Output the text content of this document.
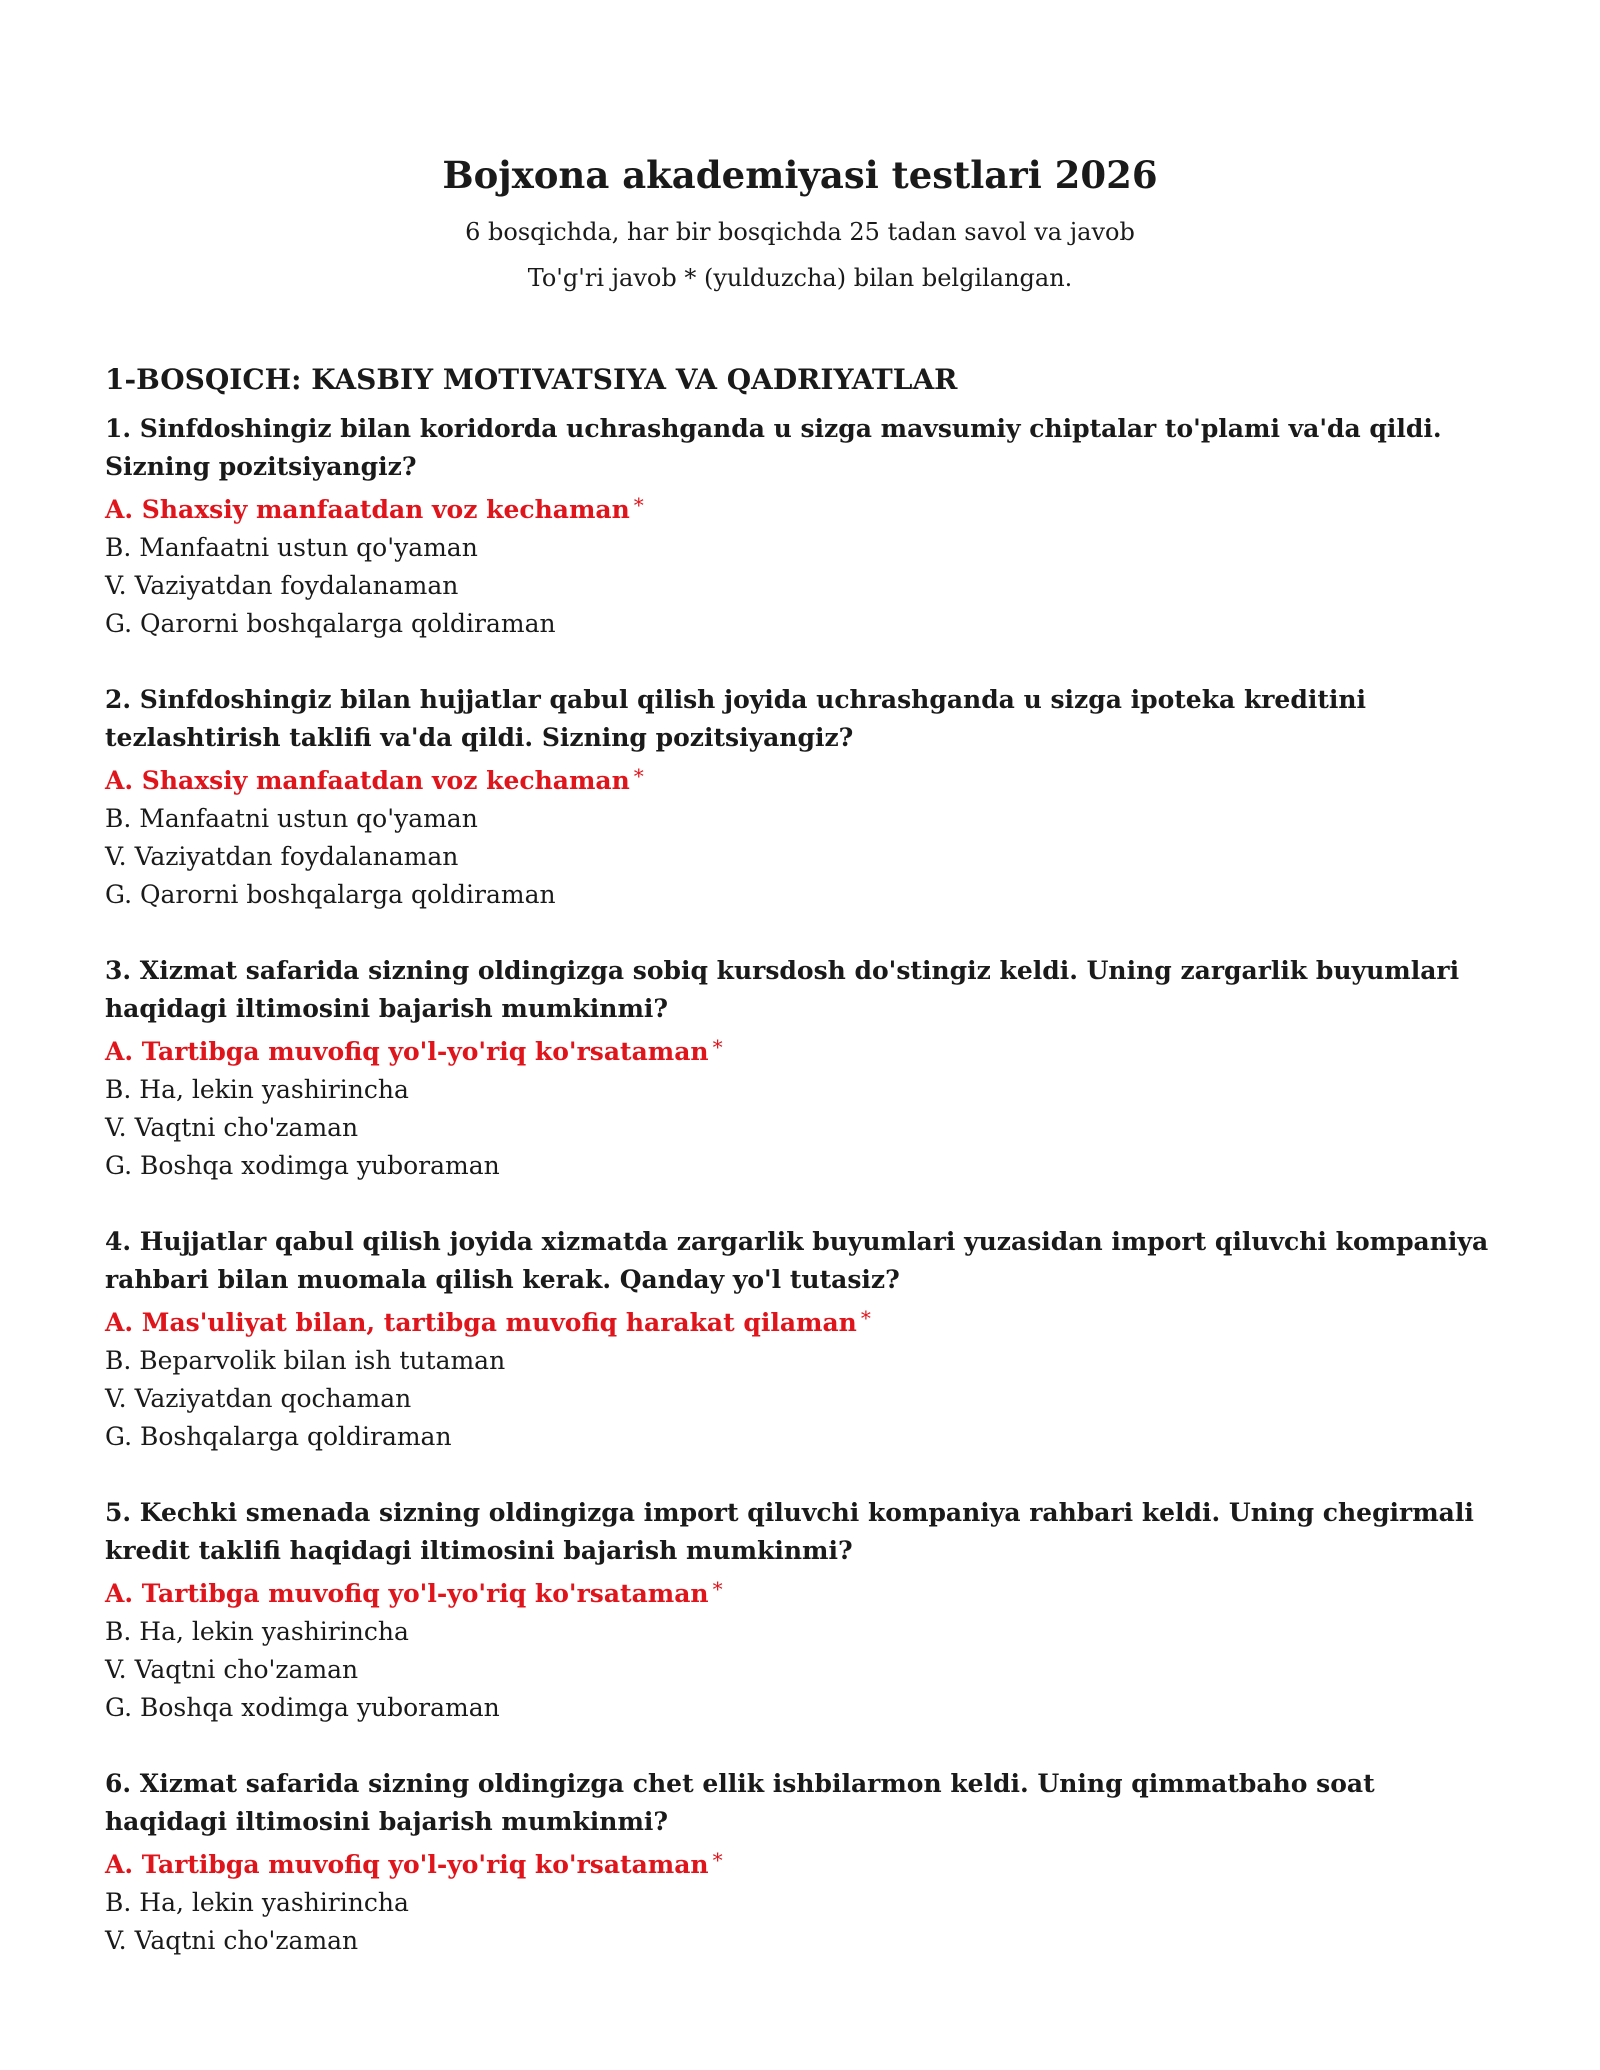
Bojxona akademiyasi testlari 2026
6 bosqichda, har bir bosqichda 25 tadan savol va javob
To'g'ri javob * (yulduzcha) bilan belgilangan.
1-BOSQICH: KASBIY MOTIVATSIYA VA QADRIYATLAR

1. Sinfdoshingiz bilan koridorda uchrashganda u sizga mavsumiy chiptalar to'plami va'da qildi. Sizning pozitsiyangiz?

A. Shaxsiy manfaatdan voz kechaman *

B. Manfaatni ustun qo'yaman

V. Vaziyatdan foydalanaman

G. Qarorni boshqalarga qoldiraman

2. Sinfdoshingiz bilan hujjatlar qabul qilish joyida uchrashganda u sizga ipoteka kreditini tezlashtirish taklifi va'da qildi. Sizning pozitsiyangiz?

A. Shaxsiy manfaatdan voz kechaman *

B. Manfaatni ustun qo'yaman

V. Vaziyatdan foydalanaman

G. Qarorni boshqalarga qoldiraman

3. Xizmat safarida sizning oldingizga sobiq kursdosh do'stingiz keldi. Uning zargarlik buyumlari haqidagi iltimosini bajarish mumkinmi?

A. Tartibga muvofiq yo'l-yo'riq ko'rsataman *

B. Ha, lekin yashirincha

V. Vaqtni cho'zaman

G. Boshqa xodimga yuboraman

4. Hujjatlar qabul qilish joyida xizmatda zargarlik buyumlari yuzasidan import qiluvchi kompaniya rahbari bilan muomala qilish kerak. Qanday yo'l tutasiz?

A. Mas'uliyat bilan, tartibga muvofiq harakat qilaman *

B. Beparvolik bilan ish tutaman

V. Vaziyatdan qochaman

G. Boshqalarga qoldiraman

5. Kechki smenada sizning oldingizga import qiluvchi kompaniya rahbari keldi. Uning chegirmali kredit taklifi haqidagi iltimosini bajarish mumkinmi?

A. Tartibga muvofiq yo'l-yo'riq ko'rsataman *

B. Ha, lekin yashirincha

V. Vaqtni cho'zaman

G. Boshqa xodimga yuboraman

6. Xizmat safarida sizning oldingizga chet ellik ishbilarmon keldi. Uning qimmatbaho soat haqidagi iltimosini bajarish mumkinmi?

A. Tartibga muvofiq yo'l-yo'riq ko'rsataman *

B. Ha, lekin yashirincha

V. Vaqtni cho'zaman
